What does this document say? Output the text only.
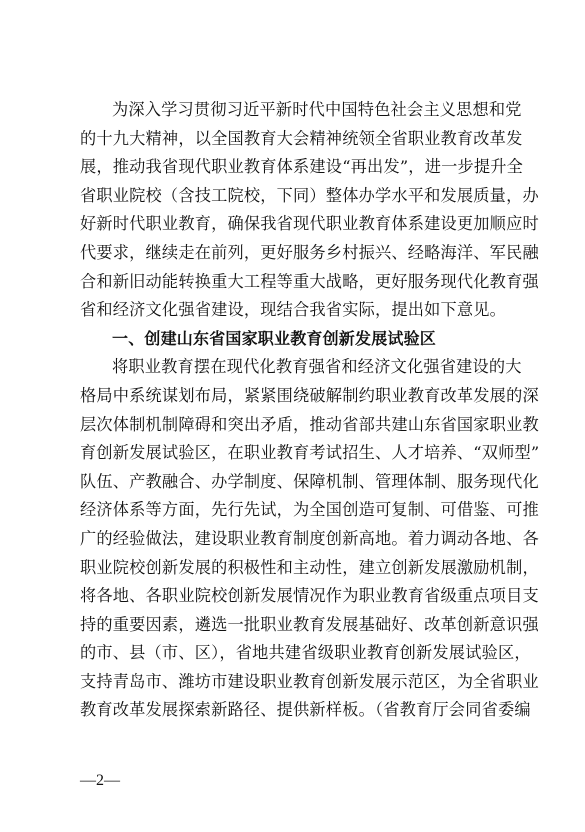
为深入学习贯彻习近平新时代中国特色社会主义思想和党
的十九大精神，以全国教育大会精神统领全省职业教育改革发
展，推动我省现代职业教育体系建设“再出发”，进一步提升全
省职业院校（含技工院校，下同）整体办学水平和发展质量，办
好新时代职业教育，确保我省现代职业教育体系建设更加顺应时
代要求，继续走在前列，更好服务乡村振兴、经略海洋、军民融
合和新旧动能转换重大工程等重大战略，更好服务现代化教育强
省和经济文化强省建设，现结合我省实际，提出如下意见。
一、创建山东省国家职业教育创新发展试验区
将职业教育摆在现代化教育强省和经济文化强省建设的大
格局中系统谋划布局，紧紧围绕破解制约职业教育改革发展的深
层次体制机制障碍和突出矛盾，推动省部共建山东省国家职业教
育创新发展试验区，在职业教育考试招生、人才培养、“双师型”
队伍、产教融合、办学制度、保障机制、管理体制、服务现代化
经济体系等方面，先行先试，为全国创造可复制、可借鉴、可推
广的经验做法，建设职业教育制度创新高地。着力调动各地、各
职业院校创新发展的积极性和主动性，建立创新发展激励机制，
将各地、各职业院校创新发展情况作为职业教育省级重点项目支
持的重要因素，遴选一批职业教育发展基础好、改革创新意识强
的市、县（市、区），省地共建省级职业教育创新发展试验区，
支持青岛市、潍坊市建设职业教育创新发展示范区，为全省职业
教育改革发展探索新路径、提供新样板。（省教育厅会同省委编
—2—
